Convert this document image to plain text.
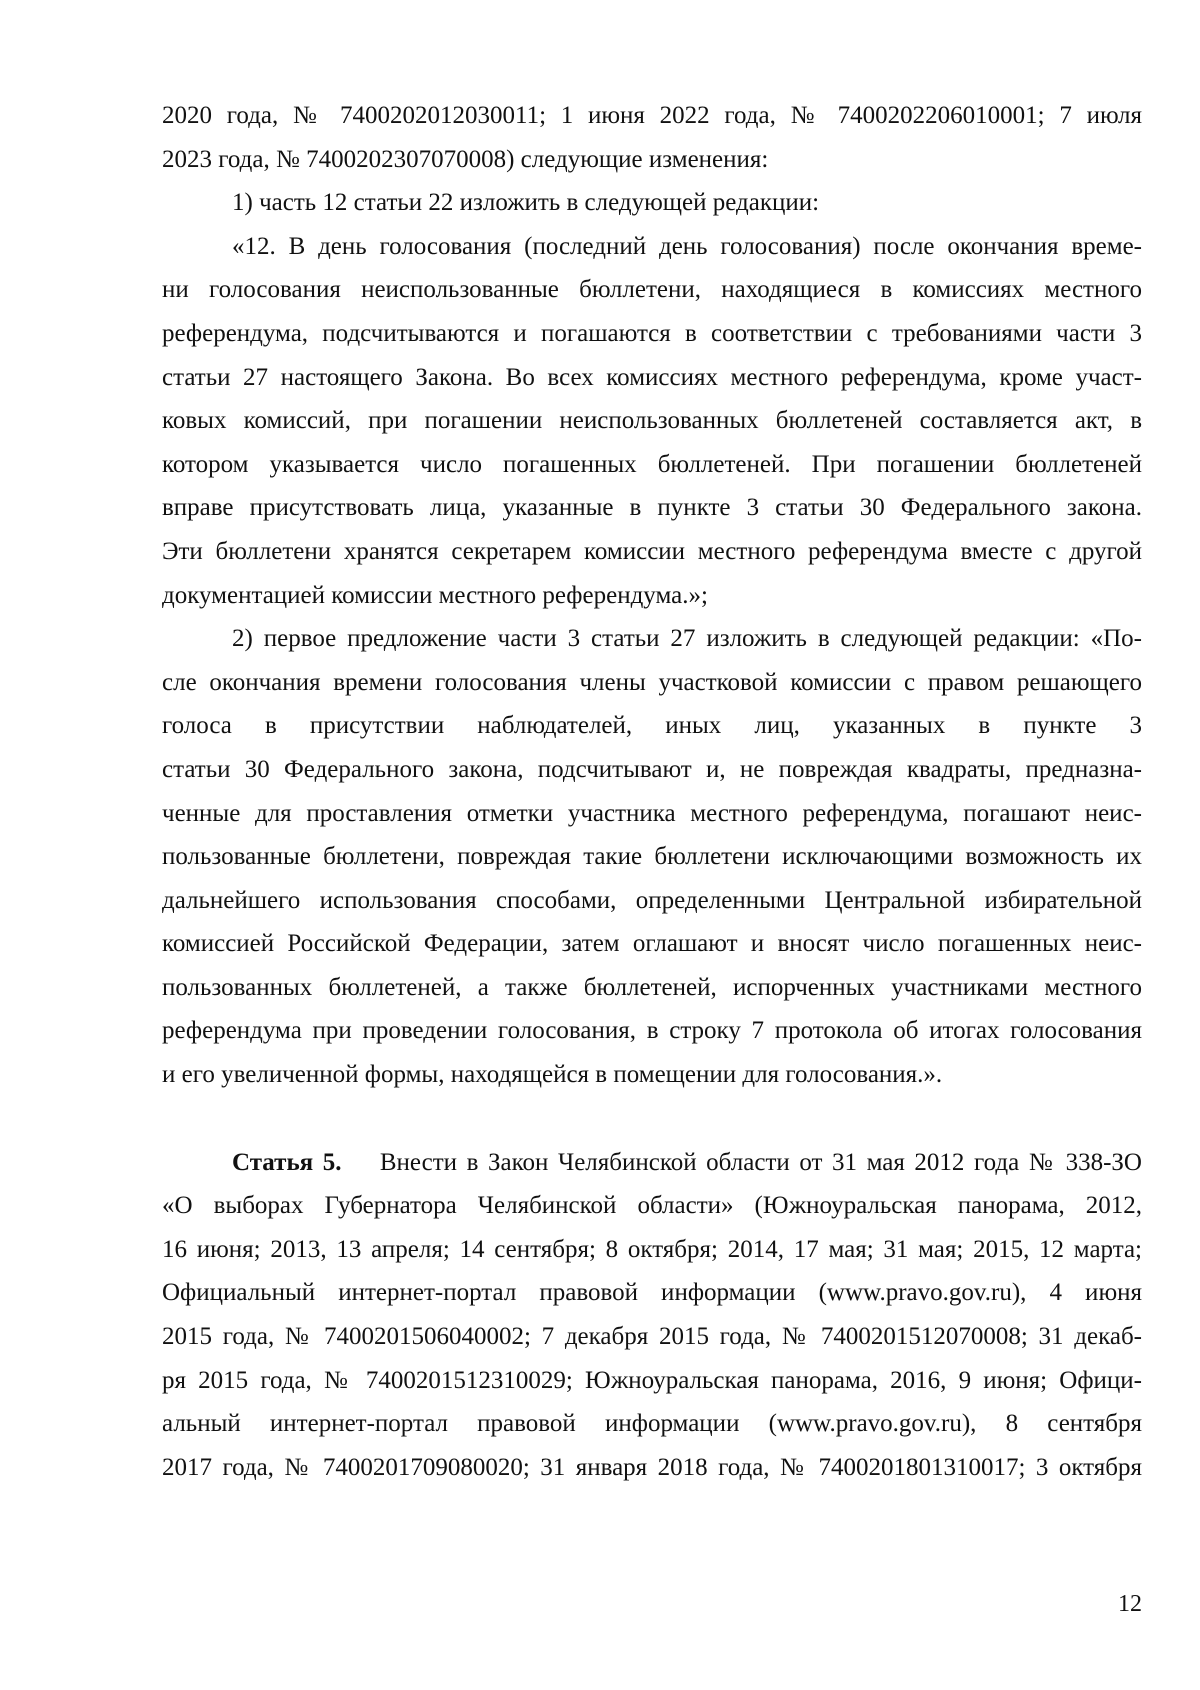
2020 года, № 7400202012030011; 1 июня 2022 года, № 7400202206010001; 7 июля
2023 года, № 7400202307070008) следующие изменения:
1) часть 12 статьи 22 изложить в следующей редакции:
«12. В день голосования (последний день голосования) после окончания време-
ни голосования неиспользованные бюллетени, находящиеся в комиссиях местного
референдума, подсчитываются и погашаются в соответствии с требованиями части 3
статьи 27 настоящего Закона. Во всех комиссиях местного референдума, кроме участ-
ковых комиссий, при погашении неиспользованных бюллетеней составляется акт, в
котором указывается число погашенных бюллетеней. При погашении бюллетеней
вправе присутствовать лица, указанные в пункте 3 статьи 30 Федерального закона.
Эти бюллетени хранятся секретарем комиссии местного референдума вместе с другой
документацией комиссии местного референдума.»;
2) первое предложение части 3 статьи 27 изложить в следующей редакции: «По-
сле окончания времени голосования члены участковой комиссии с правом решающего
голоса в присутствии наблюдателей, иных лиц, указанных в пункте 3
статьи 30 Федерального закона, подсчитывают и, не повреждая квадраты, предназна-
ченные для проставления отметки участника местного референдума, погашают неис-
пользованные бюллетени, повреждая такие бюллетени исключающими возможность их
дальнейшего использования способами, определенными Центральной избирательной
комиссией Российской Федерации, затем оглашают и вносят число погашенных неис-
пользованных бюллетеней, а также бюллетеней, испорченных участниками местного
референдума при проведении голосования, в строку 7 протокола об итогах голосования
и его увеличенной формы, находящейся в помещении для голосования.».
Статья 5. Внести в Закон Челябинской области от 31 мая 2012 года № 338-ЗО
«О выборах Губернатора Челябинской области» (Южноуральская панорама, 2012,
16 июня; 2013, 13 апреля; 14 сентября; 8 октября; 2014, 17 мая; 31 мая; 2015, 12 марта;
Официальный интернет-портал правовой информации (www.pravo.gov.ru), 4 июня
2015 года, № 7400201506040002; 7 декабря 2015 года, № 7400201512070008; 31 декаб-
ря 2015 года, № 7400201512310029; Южноуральская панорама, 2016, 9 июня; Офици-
альный интернет-портал правовой информации (www.pravo.gov.ru), 8 сентября
2017 года, № 7400201709080020; 31 января 2018 года, № 7400201801310017; 3 октября
12
